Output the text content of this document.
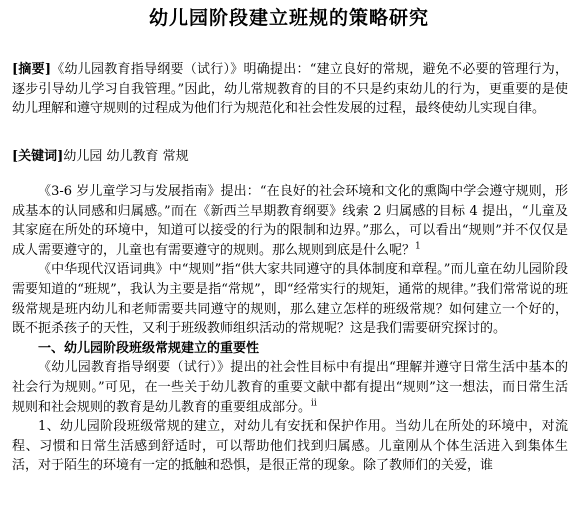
幼儿园阶段建立班规的策略研究

[摘要]《幼儿园教育指导纲要（试行）》明确提出：“建立良好的常规，避免不必要的管理行为，逐步引导幼儿学习自我管理。”因此，幼儿常规教育的目的不只是约束幼儿的行为，更重要的是使幼儿理解和遵守规则的过程成为他们行为规范化和社会性发展的过程，最终使幼儿实现自律。

[关键词]幼儿园 幼儿教育 常规

《3-6 岁儿童学习与发展指南》提出：“在良好的社会环境和文化的熏陶中学会遵守规则，形成基本的认同感和归属感。”而在《新西兰早期教育纲要》线索 2 归属感的目标 4 提出，“儿童及其家庭在所处的环境中，知道可以接受的行为的限制和边界。”那么，可以看出“规则”并不仅仅是成人需要遵守的，儿童也有需要遵守的规则。那么规则到底是什么呢？$^1$

《中华现代汉语词典》中“规则”指“供大家共同遵守的具体制度和章程。”而儿童在幼儿园阶段需要知道的“班规”，我认为主要是指“常规”，即“经常实行的规矩，通常的规律。”我们常常说的班级常规是班内幼儿和老师需要共同遵守的规则，那么建立怎样的班级常规？如何建立一个好的，既不扼杀孩子的天性，又利于班级教师组织活动的常规呢？这是我们需要研究探讨的。

一、幼儿园阶段班级常规建立的重要性

《幼儿园教育指导纲要（试行）》提出的社会性目标中有提出“理解并遵守日常生活中基本的社会行为规则。”可见，在一些关于幼儿教育的重要文献中都有提出“规则”这一想法，而日常生活规则和社会规则的教育是幼儿教育的重要组成部分。$^{ii}$

1、幼儿园阶段班级常规的建立，对幼儿有安抚和保护作用。当幼儿在所处的环境中，对流程、习惯和日常生活感到舒适时，可以帮助他们找到归属感。儿童刚从个体生活进入到集体生活，对于陌生的环境有一定的抵触和恐惧，是很正常的现象。除了教师们的关爱，谁
